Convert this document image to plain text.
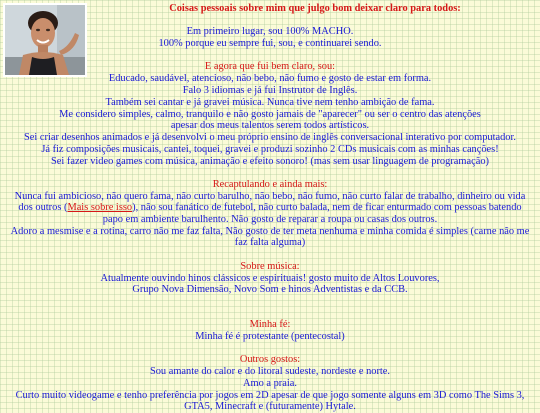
Coisas pessoais sobre mim que julgo bom deixar claro para todos:

Em primeiro lugar, sou 100% MACHO.

100% porque eu sempre fui, sou, e continuarei sendo.

E agora que fui bem claro, sou:

Educado, saudável, atencioso, não bebo, não fumo e gosto de estar em forma.

Falo 3 idiomas e já fui Instrutor de Inglês.

Também sei cantar e já gravei música. Nunca tive nem tenho ambição de fama.

Me considero simples, calmo, tranquilo e não gosto jamais de "aparecer" ou ser o centro das atenções apesar dos meus talentos serem todos artísticos.

Sei criar desenhos animados e já desenvolvi o meu próprio ensino de inglês conversacional interativo por computador.

Já fiz composições musicais, cantei, toquei, gravei e produzi sozinho 2 CDs musicais com as minhas canções!

Sei fazer video games com música, animação e efeito sonoro! (mas sem usar linguagem de programação)

Recaptulando e ainda mais:

Nunca fui ambicioso, não quero fama, não curto barulho, não bebo, não fumo, não curto falar de trabalho, dinheiro ou vida dos outros (Mais sobre isso), não sou fanático de futebol, não curto balada, nem de ficar enturmado com pessoas batendo papo em ambiente barulhento. Não gosto de reparar a roupa ou casas dos outros.

Adoro a mesmise e a rotina, carro não me faz falta, Não gosto de ter meta nenhuma e minha comida é simples (carne não me faz falta alguma)

Sobre música:

Atualmente ouvindo hinos clássicos e espirituais! gosto muito de Altos Louvores,

Grupo Nova Dimensão, Novo Som e hinos Adventistas e da CCB.

Minha fé:

Minha fé é protestante (pentecostal)

Outros gostos:

Sou amante do calor e do litoral sudeste, nordeste e norte.

Amo a praia.

Curto muito videogame e tenho preferência por jogos em 2D apesar de que jogo somente alguns em 3D como The Sims 3, GTA5, Minecraft e (futuramente) Hytale.
